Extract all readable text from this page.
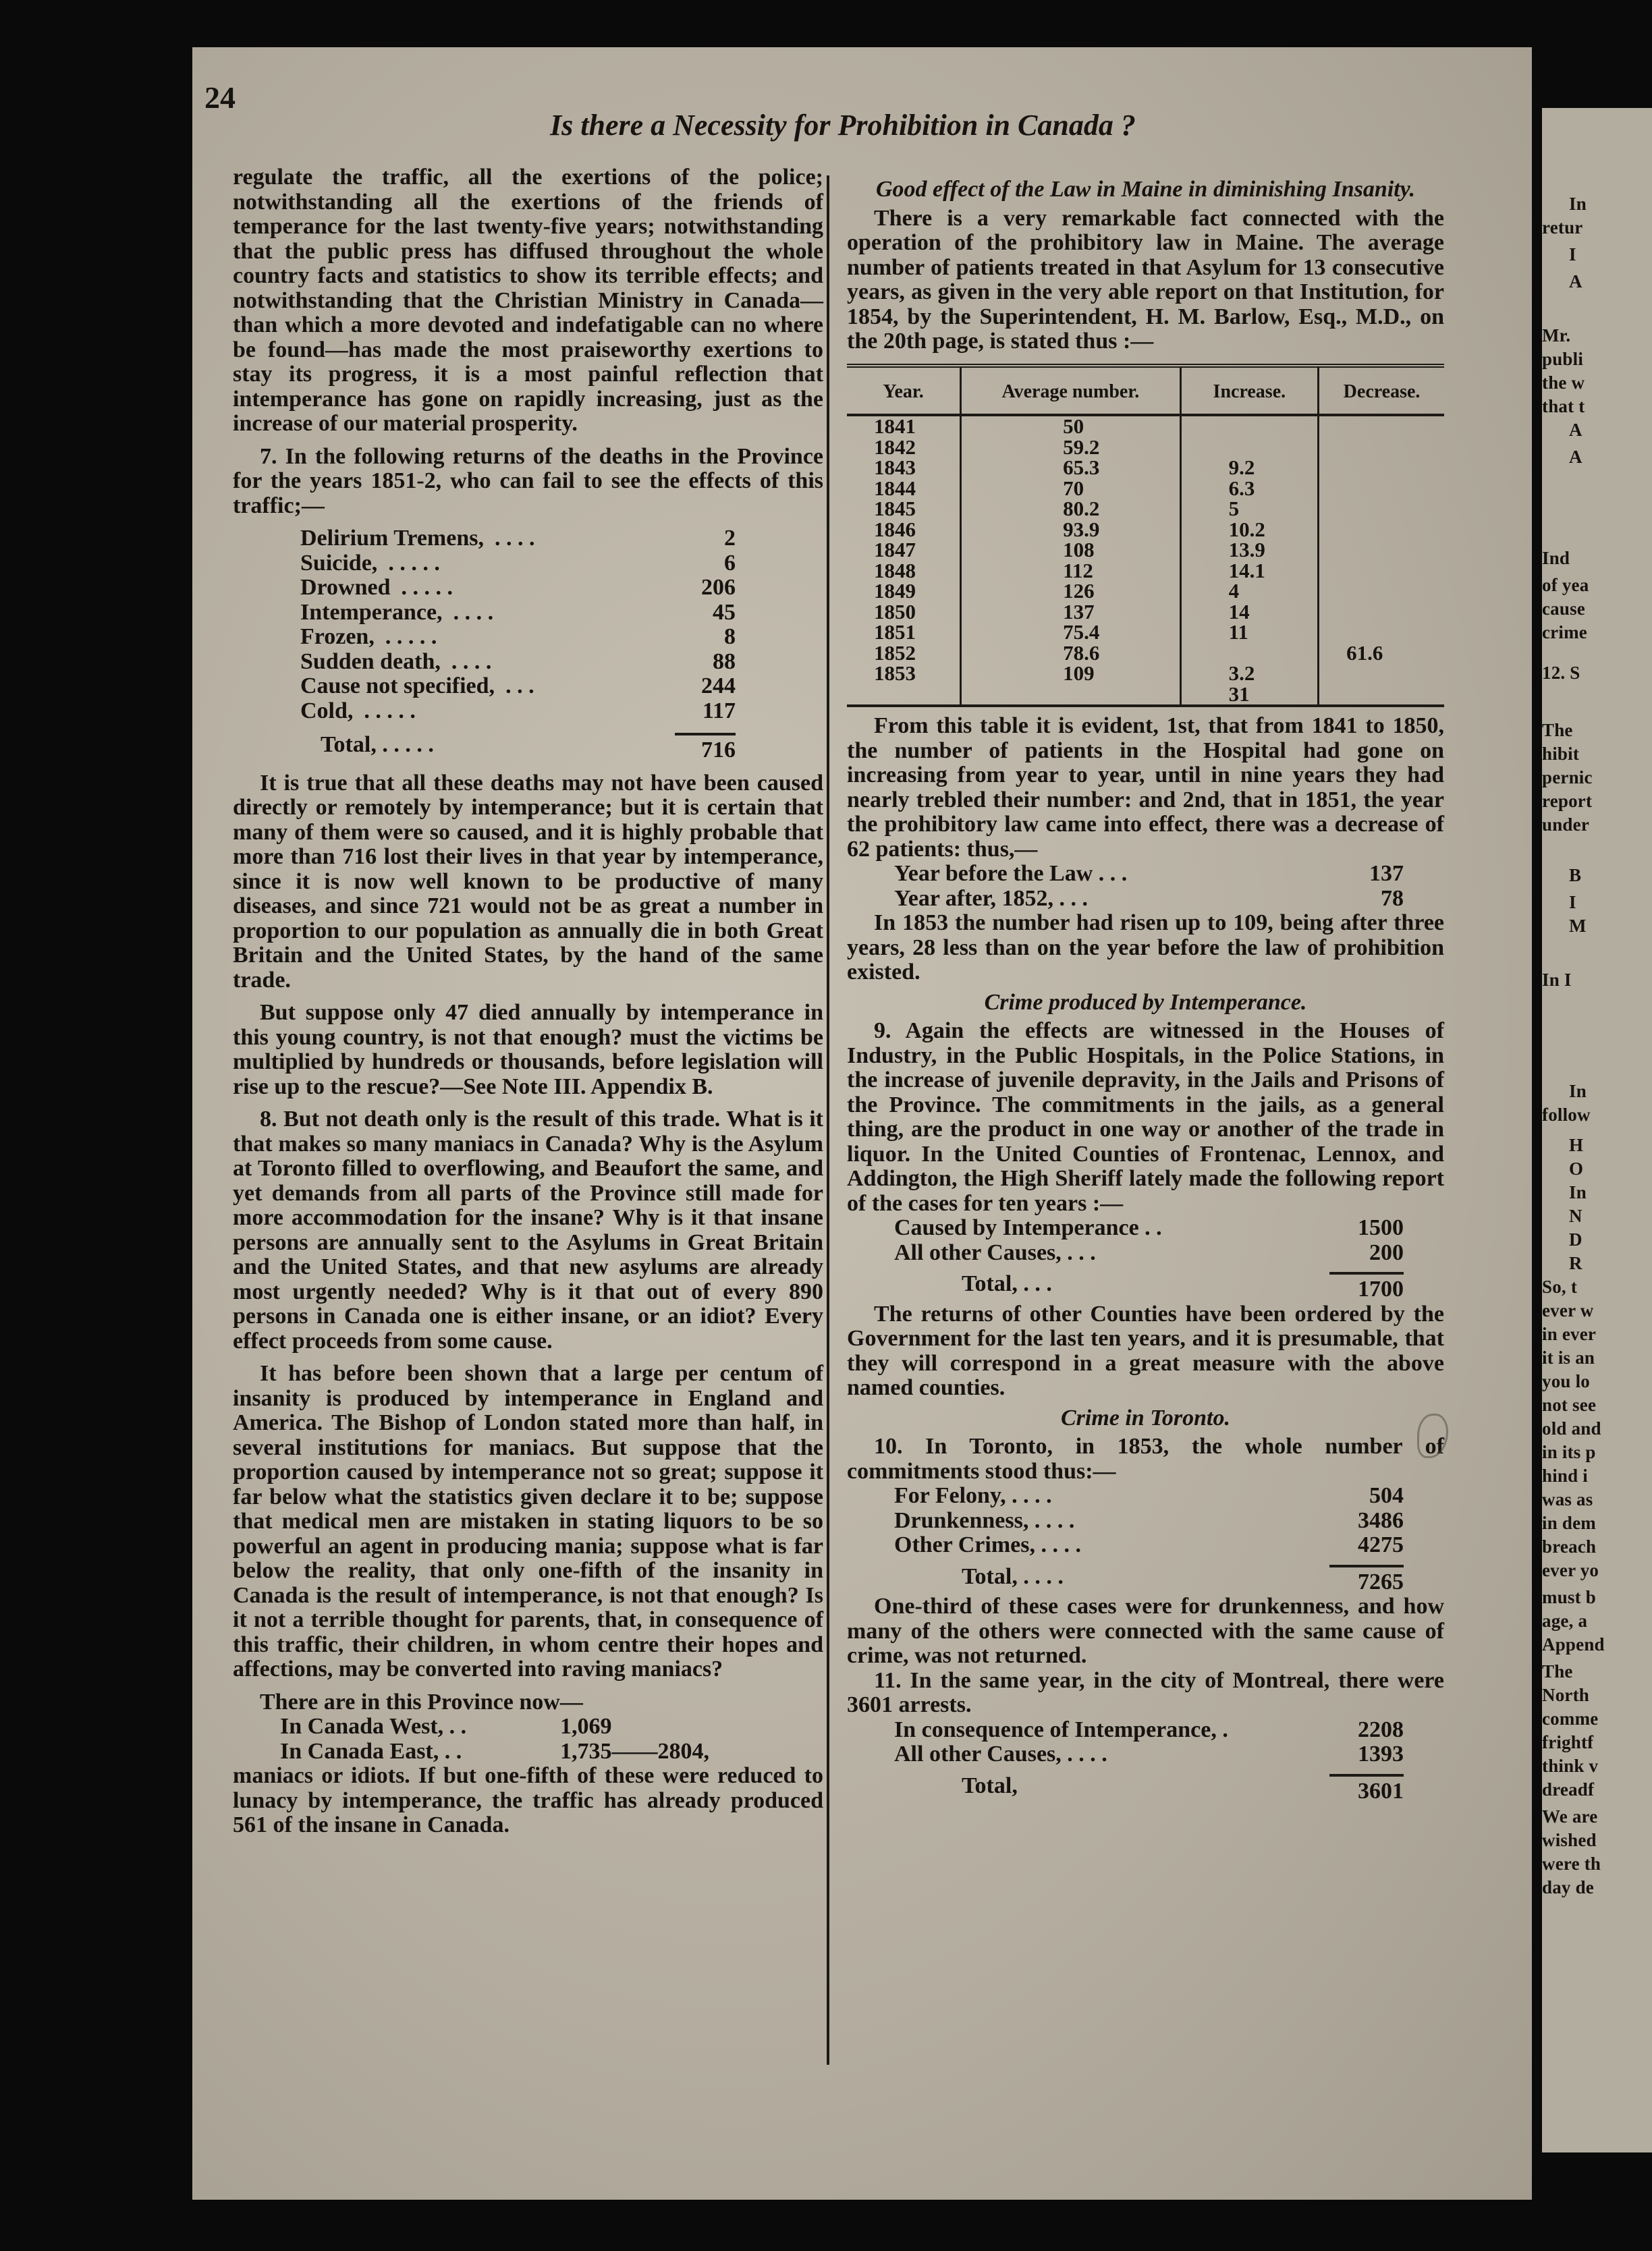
24
Is there a Necessity for Prohibition in Canada ?

regulate the traffic, all the exertions of the police; notwithstanding all the exertions of the friends of temperance for the last twenty-five years; notwithstanding that the public press has diffused throughout the whole country facts and statistics to show its terrible effects; and notwithstanding that the Christian Ministry in Canada—than which a more devoted and indefatigable can no where be found—has made the most praiseworthy exertions to stay its progress, it is a most painful reflection that intemperance has gone on rapidly increasing, just as the increase of our material prosperity.

7. In the following returns of the deaths in the Province for the years 1851-2, who can fail to see the effects of this traffic;—

Delirium Tremens, . . . .	2
Suicide, . . . . .	6
Drowned . . . . .	206
Intemperance, . . . .	45
Frozen, . . . . .	8
Sudden death, . . . .	88
Cause not specified, . . .	244
Cold, . . . . .	117
Total, . . . . .	716

It is true that all these deaths may not have been caused directly or remotely by intemperance; but it is certain that many of them were so caused, and it is highly probable that more than 716 lost their lives in that year by intemperance, since it is now well known to be productive of many diseases, and since 721 would not be as great a number in proportion to our population as annually die in both Great Britain and the United States, by the hand of the same trade.

But suppose only 47 died annually by intemperance in this young country, is not that enough? must the victims be multiplied by hundreds or thousands, before legislation will rise up to the rescue?—See Note III. Appendix B.

8. But not death only is the result of this trade. What is it that makes so many maniacs in Canada? Why is the Asylum at Toronto filled to overflowing, and Beaufort the same, and yet demands from all parts of the Province still made for more accommodation for the insane? Why is it that insane persons are annually sent to the Asylums in Great Britain and the United States, and that new asylums are already most urgently needed? Why is it that out of every 890 persons in Canada one is either insane, or an idiot? Every effect proceeds from some cause.

It has before been shown that a large per centum of insanity is produced by intemperance in England and America. The Bishop of London stated more than half, in several institutions for maniacs. But suppose that the proportion caused by intemperance not so great; suppose it far below what the statistics given declare it to be; suppose that medical men are mistaken in stating liquors to be so powerful an agent in producing mania; suppose what is far below the reality, that only one-fifth of the insanity in Canada is the result of intemperance, is not that enough? Is it not a terrible thought for parents, that, in consequence of this traffic, their children, in whom centre their hopes and affections, may be converted into raving maniacs?

There are in this Province now—

In Canada West, . .	1,069
In Canada East, . .	1,735——2804,

maniacs or idiots. If but one-fifth of these were reduced to lunacy by intemperance, the traffic has already produced 561 of the insane in Canada.

Good effect of the Law in Maine in diminishing Insanity.

There is a very remarkable fact connected with the operation of the prohibitory law in Maine. The average number of patients treated in that Asylum for 13 consecutive years, as given in the very able report on that Institution, for 1854, by the Superintendent, H. M. Barlow, Esq., M.D., on the 20th page, is stated thus :—

Year.	Average number.	Increase.	Decrease.
1841	50		
1842	59.2		
1843	65.3	9.2	
1844	70	6.3	
1845	80.2	5	
1846	93.9	10.2	
1847	108	13.9	
1848	112	14.1	
1849	126	4	
1850	137	14	
1851	75.4	11	
1852	78.6		61.6
1853	109	3.2	
		31	

From this table it is evident, 1st, that from 1841 to 1850, the number of patients in the Hospital had gone on increasing from year to year, until in nine years they had nearly trebled their number: and 2nd, that in 1851, the year the prohibitory law came into effect, there was a decrease of 62 patients: thus,—

Year before the Law . . .	137
Year after, 1852, . . .	78

In 1853 the number had risen up to 109, being after three years, 28 less than on the year before the law of prohibition existed.

Crime produced by Intemperance.

9. Again the effects are witnessed in the Houses of Industry, in the Public Hospitals, in the Police Stations, in the increase of juvenile depravity, in the Jails and Prisons of the Province. The commitments in the jails, as a general thing, are the product in one way or another of the trade in liquor. In the United Counties of Frontenac, Lennox, and Addington, the High Sheriff lately made the following report of the cases for ten years :—

Caused by Intemperance . .	1500
All other Causes, . . .	200
Total, . . .	1700

The returns of other Counties have been ordered by the Government for the last ten years, and it is presumable, that they will correspond in a great measure with the above named counties.

Crime in Toronto.

10. In Toronto, in 1853, the whole number of commitments stood thus:—

For Felony, . . . .	504
Drunkenness, . . . .	3486
Other Crimes, . . . .	4275
Total, . . . .	7265

One-third of these cases were for drunkenness, and how many of the others were connected with the same cause of crime, was not returned.

11. In the same year, in the city of Montreal, there were 3601 arrests.

In consequence of Intemperance, .	2208
All other Causes, . . . .	1393
Total,	3601
In
retur
I
A
Mr.
publi
the w
that t
A
A
Ind
of yea
cause
crime
12. S
The
hibit
pernic
report
under
B
I
M
In I
In
follow
H
O
In
N
D
R
So, t
ever w
in ever
it is an
you lo
not see
old and
in its p
hind i
was as
in dem
breach
ever yo
must b
age, a
Append
The
North
comme
frightf
think v
dreadf
We are
wished
were th
day de
